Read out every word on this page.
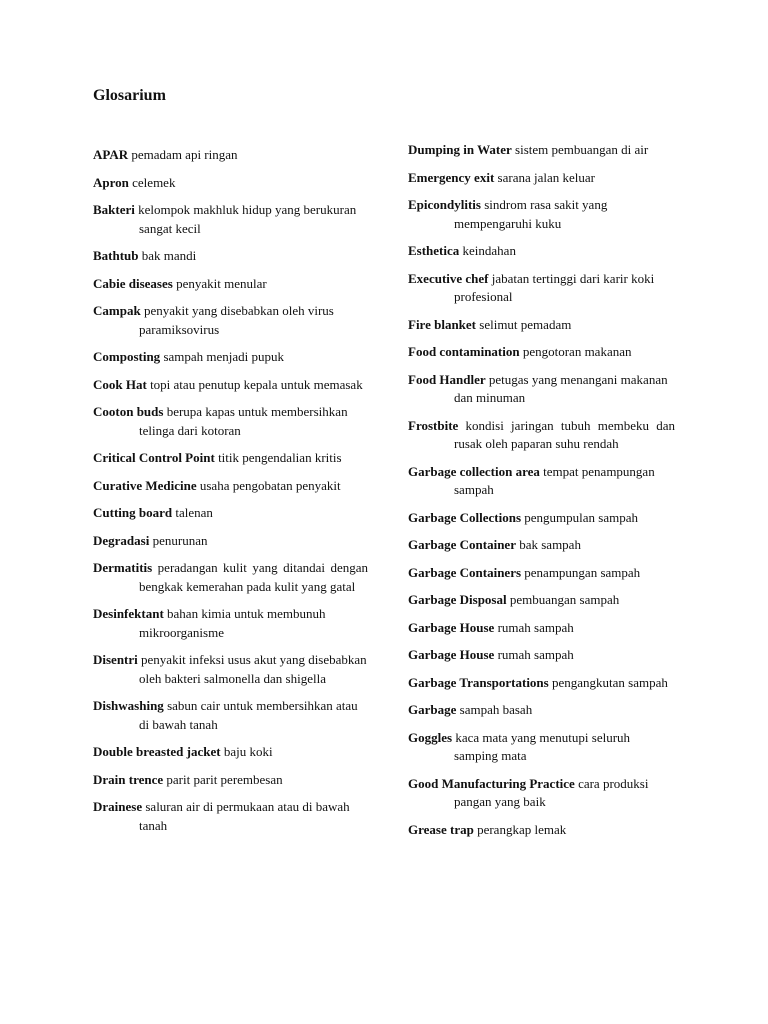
Glosarium
APAR pemadam api ringan
Apron celemek
Bakteri kelompok makhluk hidup yang berukuran sangat kecil
Bathtub bak mandi
Cabie diseases penyakit menular
Campak penyakit yang disebabkan oleh virus paramiksovirus
Composting sampah menjadi pupuk
Cook Hat topi atau penutup kepala untuk memasak
Cooton buds berupa kapas untuk membersihkan telinga dari kotoran
Critical Control Point titik pengendalian kritis
Curative Medicine usaha pengobatan penyakit
Cutting board talenan
Degradasi penurunan
Dermatitis peradangan kulit yang ditandai dengan bengkak kemerahan pada kulit yang gatal
Desinfektant bahan kimia untuk membunuh mikroorganisme
Disentri penyakit infeksi usus akut yang disebabkan oleh bakteri salmonella dan shigella
Dishwashing sabun cair untuk membersihkan atau di bawah tanah
Double breasted jacket baju koki
Drain trence parit parit perembesan
Drainese saluran air di permukaan atau di bawah tanah
Dumping in Water sistem pembuangan di air
Emergency exit sarana jalan keluar
Epicondylitis sindrom rasa sakit yang mempengaruhi kuku
Esthetica keindahan
Executive chef jabatan tertinggi dari karir koki profesional
Fire blanket selimut pemadam
Food contamination pengotoran makanan
Food Handler petugas yang menangani makanan dan minuman
Frostbite kondisi jaringan tubuh membeku dan rusak oleh paparan suhu rendah
Garbage collection area tempat penampungan sampah
Garbage Collections pengumpulan sampah
Garbage Container bak sampah
Garbage Containers penampungan sampah
Garbage Disposal pembuangan sampah
Garbage House rumah sampah
Garbage House rumah sampah
Garbage Transportations pengangkutan sampah
Garbage sampah basah
Goggles kaca mata yang menutupi seluruh samping mata
Good Manufacturing Practice cara produksi pangan yang baik
Grease trap perangkap lemak
